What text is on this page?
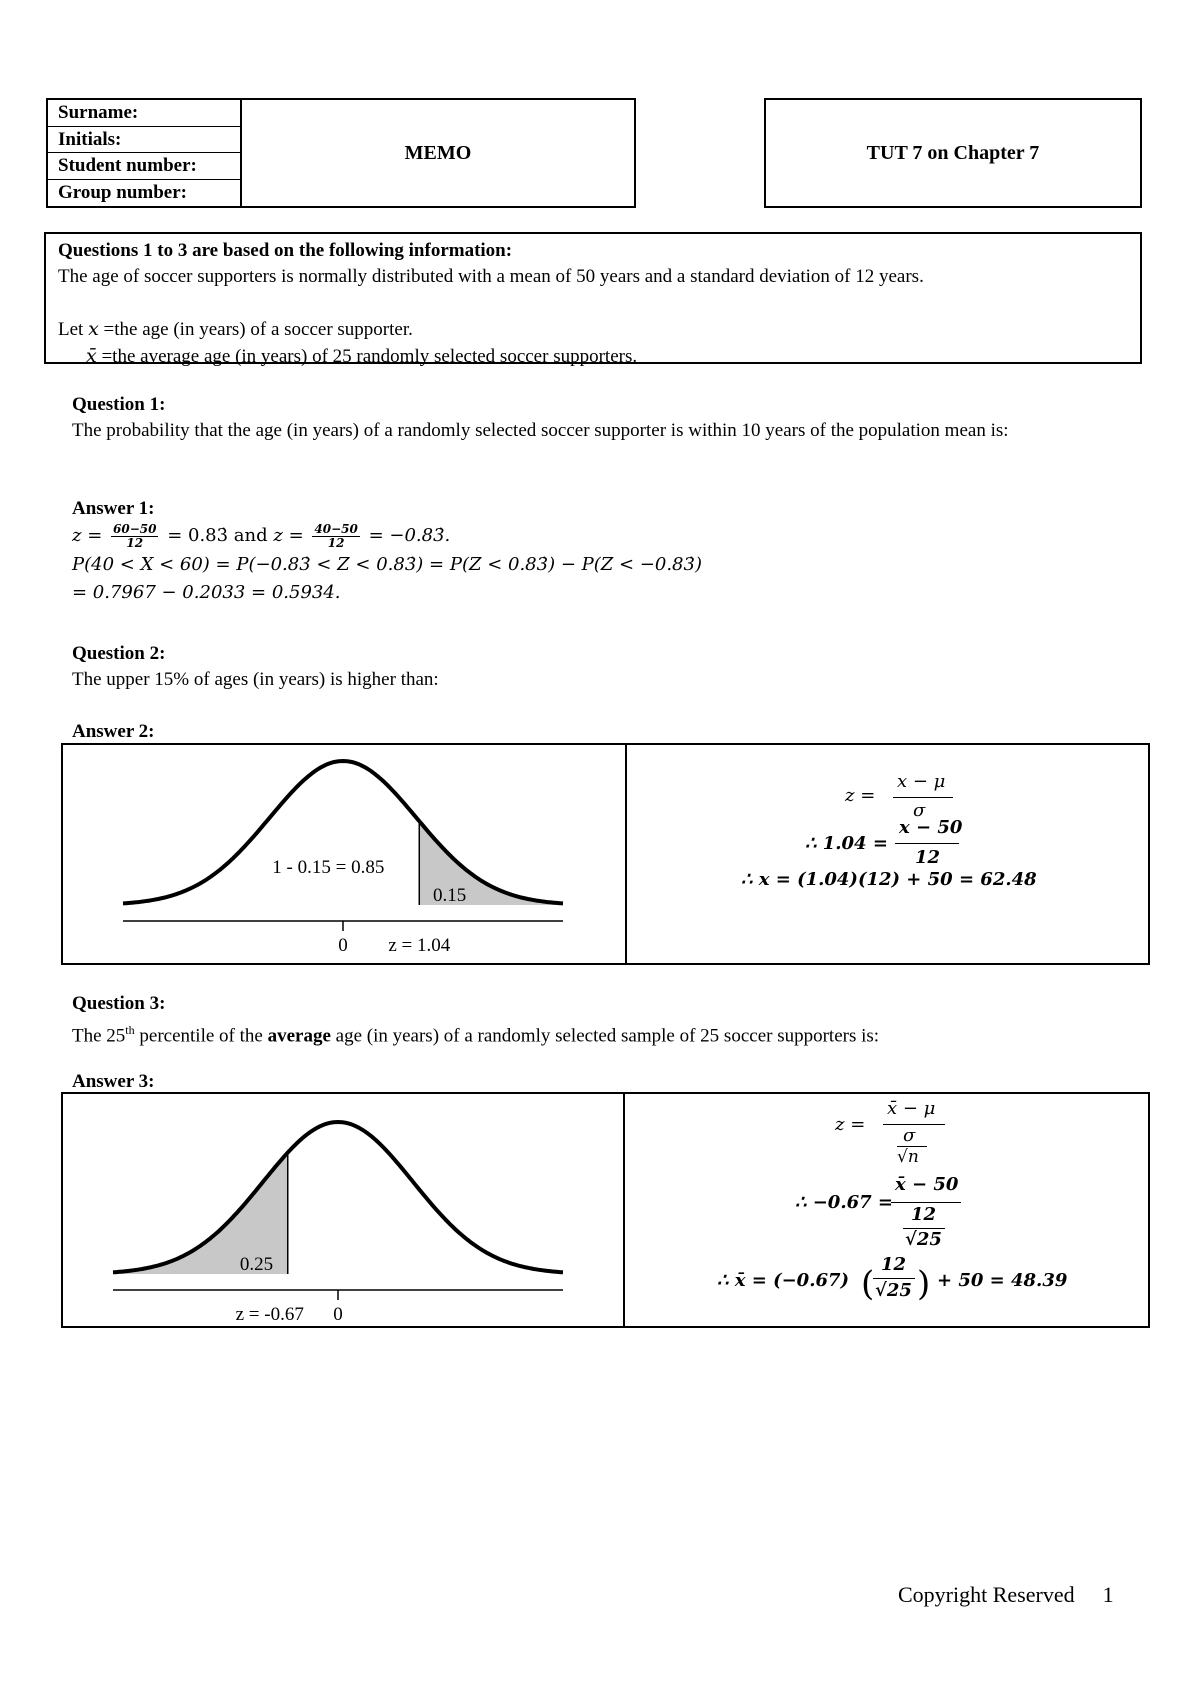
Surname:
Initials:
Student number:
Group number:
MEMO	TUT 7 on Chapter 7
Questions 1 to 3 are based on the following information:
The age of soccer supporters is normally distributed with a mean of 50 years and a standard deviation of 12 years.
Let x =the age (in years) of a soccer supporter.
x̄ =the average age (in years) of 25 randomly selected soccer supporters.
Question 1:
The probability that the age (in years) of a randomly selected soccer supporter is within 10 years of the population mean is:
Answer 1:
$z = \frac{60-50}{12}$ = 0.83̇ and $z = \frac{40-50}{12}$ = −0.83̇.
P(40 < X < 60) = P(−0.83̇ < Z < 0.83̇) = P(Z < 0.83̇) − P(Z < −0.83̇)
= 0.7967 − 0.2033 = 0.5934.
Question 2:
The upper 15% of ages (in years) is higher than:
Answer 2:
1 - 0.15 = 0.85
0.15
0 z = 1.04
z =
x − μ
σ
∴ 1.04 =
x − 50
12
∴ x = (1.04)(12) + 50 = 62.48
Question 3:
The 25th percentile of the average age (in years) of a randomly selected sample of 25 soccer supporters is:
Answer 3:
0.25
z = -0.67 0
z =
x̄ − μ
σ
√n
∴ −0.67 =
x̄ − 50
12
√25
∴ x̄ = (−0.67) ( 12
√25 ) + 50 = 48.39
Copyright Reserved 1
